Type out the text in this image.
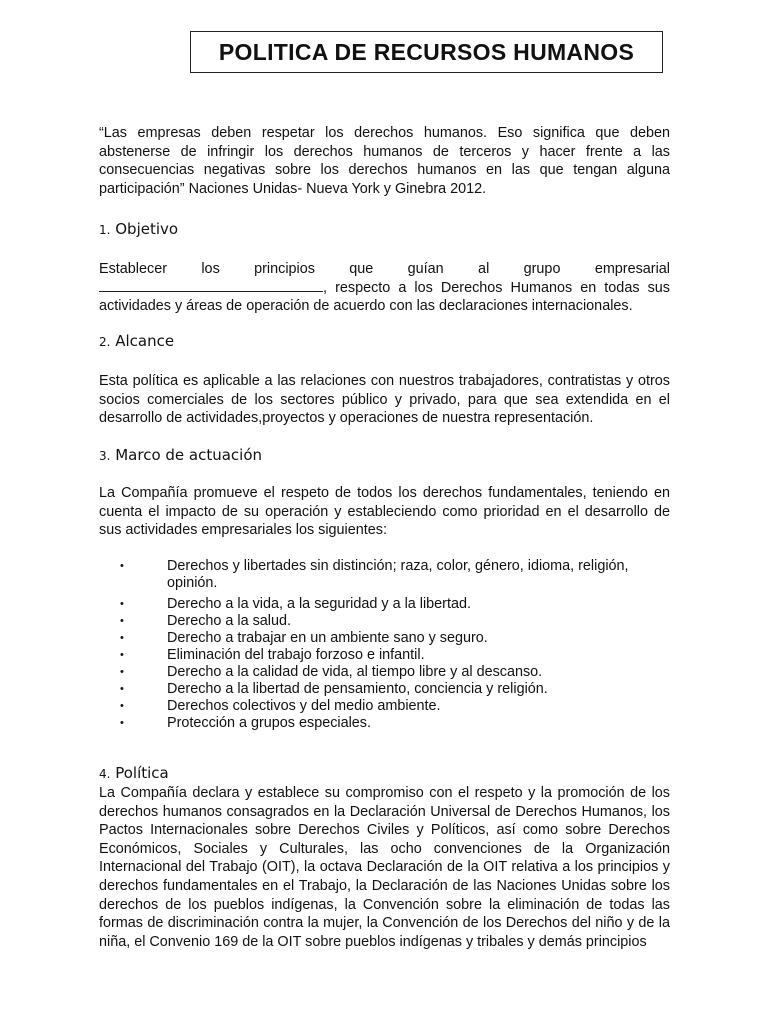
POLITICA DE RECURSOS HUMANOS

“Las empresas deben respetar los derechos humanos. Eso significa que deben abstenerse de infringir los derechos humanos de terceros y hacer frente a las consecuencias negativas sobre los derechos humanos en las que tengan alguna participación” Naciones Unidas- Nueva York y Ginebra 2012.

1. Objetivo

Establecer los principios que guían al grupo empresarial , respecto a los Derechos Humanos en todas sus actividades y áreas de operación de acuerdo con las declaraciones internacionales.

2. Alcance

Esta política es aplicable a las relaciones con nuestros trabajadores, contratistas y otros socios comerciales de los sectores público y privado, para que sea extendida en el desarrollo de actividades,proyectos y operaciones de nuestra representación.

3. Marco de actuación

La Compañía promueve el respeto de todos los derechos fundamentales, teniendo en cuenta el impacto de su operación y estableciendo como prioridad en el desarrollo de sus actividades empresariales los siguientes:

•	Derechos y libertades sin distinción; raza, color, género, idioma, religión, opinión.
•	Derecho a la vida, a la seguridad y a la libertad.
•	Derecho a la salud.
•	Derecho a trabajar en un ambiente sano y seguro.
•	Eliminación del trabajo forzoso e infantil.
•	Derecho a la calidad de vida, al tiempo libre y al descanso.
•	Derecho a la libertad de pensamiento, conciencia y religión.
•	Derechos colectivos y del medio ambiente.
•	Protección a grupos especiales.
4. Política

La Compañía declara y establece su compromiso con el respeto y la promoción de los derechos humanos consagrados en la Declaración Universal de Derechos Humanos, los Pactos Internacionales sobre Derechos Civiles y Políticos, así como sobre Derechos Económicos, Sociales y Culturales, las ocho convenciones de la Organización Internacional del Trabajo (OIT), la octava Declaración de la OIT relativa a los principios y derechos fundamentales en el Trabajo, la Declaración de las Naciones Unidas sobre los derechos de los pueblos indígenas, la Convención sobre la eliminación de todas las formas de discriminación contra la mujer, la Convención de los Derechos del niño y de la niña, el Convenio 169 de la OIT sobre pueblos indígenas y tribales y demás principios
